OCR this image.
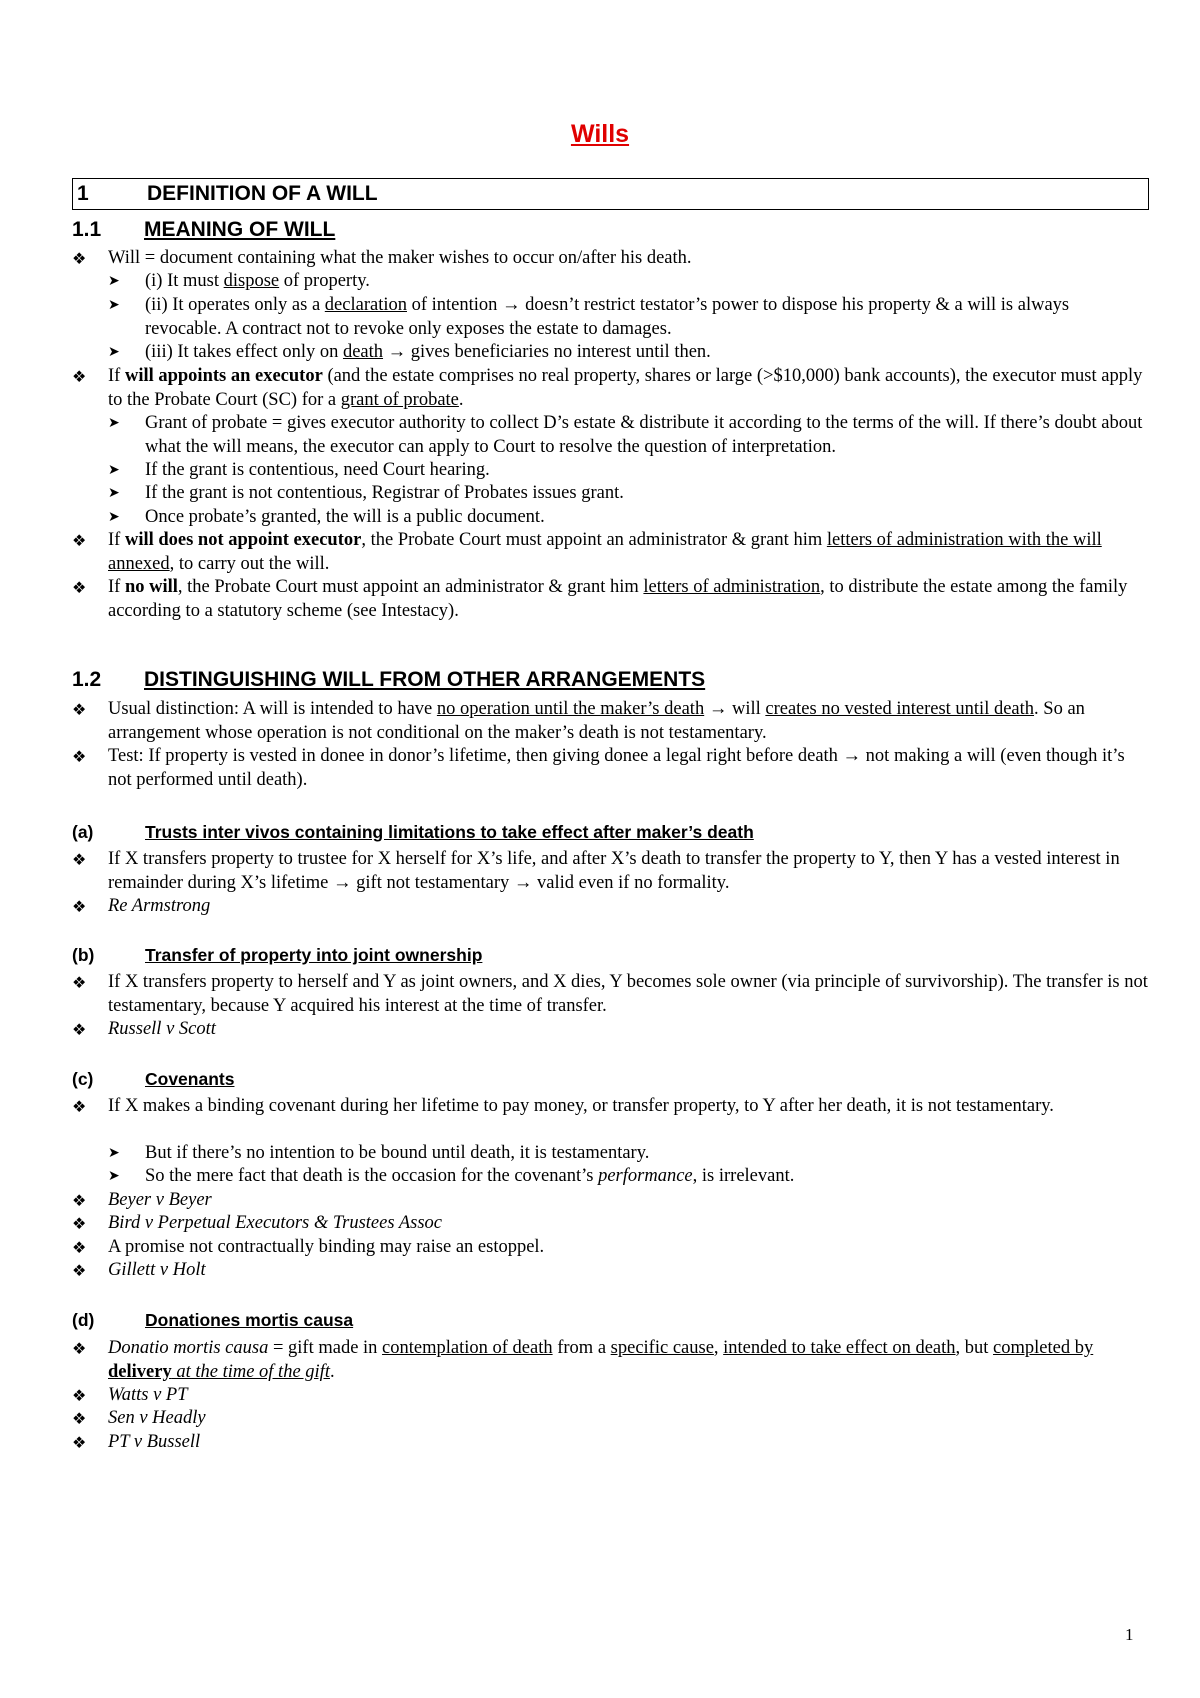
Wills
1	DEFINITION OF A WILL
1.1 MEANING OF WILL
❖ Will = document containing what the maker wishes to occur on/after his death.
➤ (i) It must dispose of property.
➤ (ii) It operates only as a declaration of intention → doesn’t restrict testator’s power to dispose his property & a will is always revocable. A contract not to revoke only exposes the estate to damages.
➤ (iii) It takes effect only on death → gives beneficiaries no interest until then.
❖ If will appoints an executor (and the estate comprises no real property, shares or large (>$10,000) bank accounts), the executor must apply to the Probate Court (SC) for a grant of probate.
➤ Grant of probate = gives executor authority to collect D’s estate & distribute it according to the terms of the will. If there’s doubt about what the will means, the executor can apply to Court to resolve the question of interpretation.
➤ If the grant is contentious, need Court hearing.
➤ If the grant is not contentious, Registrar of Probates issues grant.
➤ Once probate’s granted, the will is a public document.
❖ If will does not appoint executor, the Probate Court must appoint an administrator & grant him letters of administration with the will annexed, to carry out the will.
❖ If no will, the Probate Court must appoint an administrator & grant him letters of administration, to distribute the estate among the family according to a statutory scheme (see Intestacy).
1.2 DISTINGUISHING WILL FROM OTHER ARRANGEMENTS
❖ Usual distinction: A will is intended to have no operation until the maker’s death → will creates no vested interest until death. So an arrangement whose operation is not conditional on the maker’s death is not testamentary.
❖ Test: If property is vested in donee in donor’s lifetime, then giving donee a legal right before death → not making a will (even though it’s not performed until death).
(a)	Trusts inter vivos containing limitations to take effect after maker’s death
❖ If X transfers property to trustee for X herself for X’s life, and after X’s death to transfer the property to Y, then Y has a vested interest in remainder during X’s lifetime → gift not testamentary → valid even if no formality.
❖ Re Armstrong
(b)	Transfer of property into joint ownership
❖ If X transfers property to herself and Y as joint owners, and X dies, Y becomes sole owner (via principle of survivorship). The transfer is not testamentary, because Y acquired his interest at the time of transfer.
❖ Russell v Scott
(c)	Covenants
❖ If X makes a binding covenant during her lifetime to pay money, or transfer property, to Y after her death, it is not testamentary.
➤ But if there’s no intention to be bound until death, it is testamentary.
➤ So the mere fact that death is the occasion for the covenant’s performance, is irrelevant.
❖ Beyer v Beyer
❖ Bird v Perpetual Executors & Trustees Assoc
❖ A promise not contractually binding may raise an estoppel.
❖ Gillett v Holt
(d)	Donationes mortis causa
❖ Donatio mortis causa = gift made in contemplation of death from a specific cause, intended to take effect on death, but completed by delivery at the time of the gift.
❖ Watts v PT
❖ Sen v Headly
❖ PT v Bussell
1
